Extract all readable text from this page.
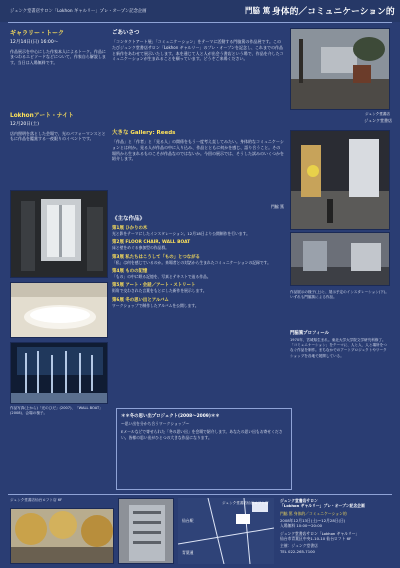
ジュンク堂書店サロン「Lokhon ギャルリー」プレ・オープン記念企画	門脇 篤 身体的／コミュニケーション的
ギャラリー・トーク
12月14日(日) 16:00〜
作品展示を中心にした作家本人によるトーク。作品にまつわるエピソードなどについて、作家自ら解説します。当日は入場無料です。
Lokhonアート・ナイト
12月20日(土)
店内照明を落とした会場で、光のパフォーマンスとともに作品を鑑賞する一夜限りのイベントです。
作品写真(上から)「光のひだ」(2007)、「WALL BOAT」(2008)、会場の様子。
ごあいさつ
「コンタクトアート展」「コミュニケーション」をテーマに活動する門脇篤の作品展です。このたびジュンク堂書店サロン「Lokhon ギャルリー」のプレ・オープンを記念し、これまでの作品と新作をあわせて展示いたします。本を通じて人と人が出会う書店という場で、作品を介したコミュニケーションが生まれることを願っています。どうぞご来場ください。
ジュンク堂書店
大きな Gallery: Reeds
「作品」と「作者」と「見る人」の関係をもう一度考え直してみたい。身体的なコミュニケーションとは何か。見る人が作品の中に入り込み、作品とともに何かを感じ、語り合うこと。その場所から生まれるものこそが作品なのではないか。今回の展示では、そうした試みのいくつかを紹介します。
門脇 篤
《主な作品》
第1展 ひかりの木
光と影をテーマにしたインスタレーション。12月18日より公開制作を行います。
第2展 FLOOR CHAIR, WALL BOAT
床と壁をめぐる参加型の作品群。
第3展 私たちはこうして「もの」とつながる
「私」は何を感じているのか。来場者との対話から生まれたコミュニケーションの記録です。
第4展 ものの記憶
「もの」の中に眠る記憶を、写真とテキストで辿る作品。
第5展 アート・会話／アート・ストリート
街角で交わされた言葉をもとにした新作を展示します。
第6展 冬の思い出とアルバム
ワークショップで制作したアルバムを公開します。
＊＊冬の思い出プロジェクト(2008〜2009)＊＊
〜思い出を分かち合うワークショップ〜
Eメールなどで寄せられた「冬の思い出」を会場で紹介します。あなたの思い出もお寄せください。皆様の思い出がひとつの大きな作品になります。
ジュンク堂書店
作品展示の様子(上)と、展示予定のインスタレーション(下)。いずれも門脇篤による作品。
門脇篤プロフィール
1970年、宮城県生まれ。東北大学大学院文学研究科修了。「コミュニケーション」をテーマに、人と人、人と場所をつなぐ作品を制作。まちなかでのアートプロジェクトやワークショップを各地で展開している。
ジュンク堂書店仙台ロフト店 6F
ジュンク堂書店仙台ロフト店
仙台駅
青葉通
ジュンク堂書店サロン
「Lokhon ギャルリー」プレ・オープン記念企画
門脇 篤 身体的／コミュニケーション的
2008年12月13日(土)〜12月28日(日)
入場無料 10:00〜20:00
ジュンク堂書店サロン「Lokhon ギャルリー」
仙台市青葉区中央1-10-10 仙台ロフト 6F
主催：ジュンク堂書店
TEL 022-265-7100
